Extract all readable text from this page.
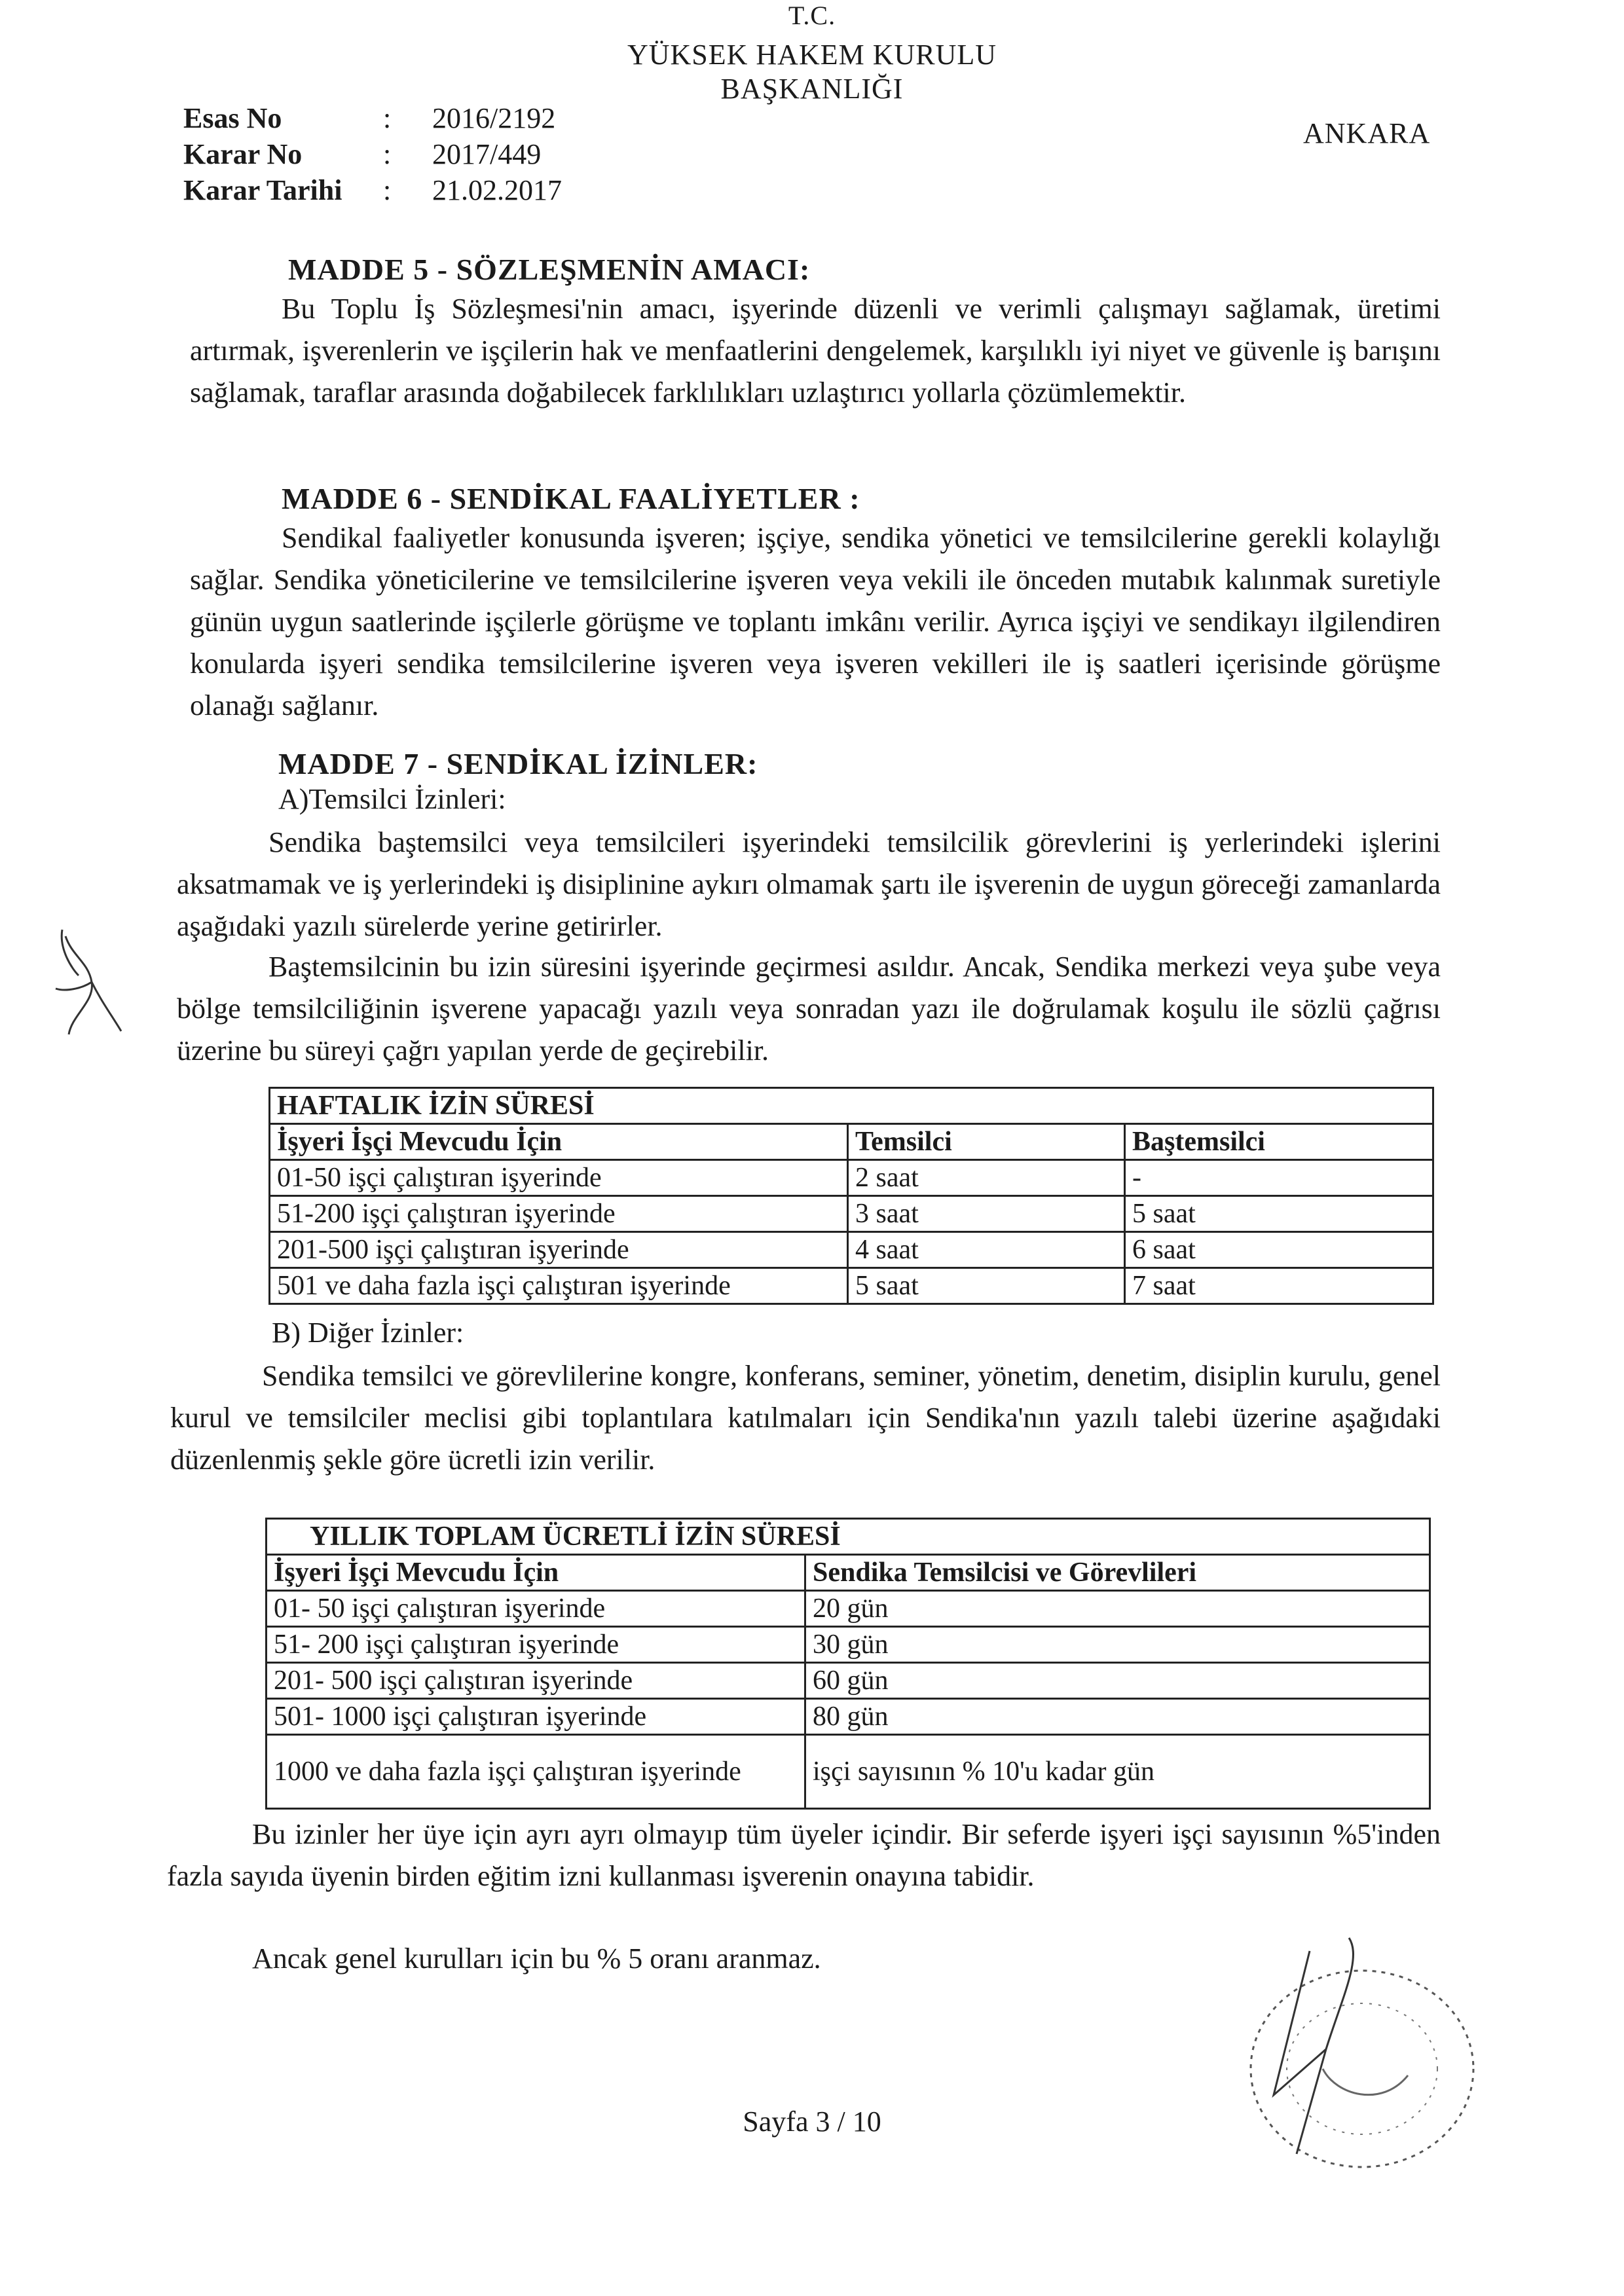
T.C.
YÜKSEK HAKEM KURULU
BAŞKANLIĞI
ANKARA
Esas No	: 2016/2192
Karar No	: 2017/449
Karar Tarihi : 21.02.2017
MADDE 5 - SÖZLEŞMENİN AMACI:
Bu Toplu İş Sözleşmesi'nin amacı, işyerinde düzenli ve verimli çalışmayı sağlamak, üretimi artırmak, işverenlerin ve işçilerin hak ve menfaatlerini dengelemek, karşılıklı iyi niyet ve güvenle iş barışını sağlamak, taraflar arasında doğabilecek farklılıkları uzlaştırıcı yollarla çözümlemektir.
MADDE 6 - SENDİKAL FAALİYETLER :
Sendikal faaliyetler konusunda işveren; işçiye, sendika yönetici ve temsilcilerine gerekli kolaylığı sağlar. Sendika yöneticilerine ve temsilcilerine işveren veya vekili ile önceden mutabık kalınmak suretiyle günün uygun saatlerinde işçilerle görüşme ve toplantı imkânı verilir. Ayrıca işçiyi ve sendikayı ilgilendiren konularda işyeri sendika temsilcilerine işveren veya işveren vekilleri ile iş saatleri içerisinde görüşme olanağı sağlanır.
MADDE 7 - SENDİKAL İZİNLER:
A)Temsilci İzinleri:
Sendika baştemsilci veya temsilcileri işyerindeki temsilcilik görevlerini iş yerlerindeki işlerini aksatmamak ve iş yerlerindeki iş disiplinine aykırı olmamak şartı ile işverenin de uygun göreceği zamanlarda aşağıdaki yazılı sürelerde yerine getirirler.
Baştemsilcinin bu izin süresini işyerinde geçirmesi asıldır. Ancak, Sendika merkezi veya şube veya bölge temsilciliğinin işverene yapacağı yazılı veya sonradan yazı ile doğrulamak koşulu ile sözlü çağrısı üzerine bu süreyi çağrı yapılan yerde de geçirebilir.
HAFTALIK İZİN SÜRESİ		
İşyeri İşçi Mevcudu İçin	Temsilci	Baştemsilci
01-50 işçi çalıştıran işyerinde	2 saat	-
51-200 işçi çalıştıran işyerinde	3 saat	5 saat
201-500 işçi çalıştıran işyerinde	4 saat	6 saat
501 ve daha fazla işçi çalıştıran işyerinde	5 saat	7 saat
B) Diğer İzinler:
Sendika temsilci ve görevlilerine kongre, konferans, seminer, yönetim, denetim, disiplin kurulu, genel kurul ve temsilciler meclisi gibi toplantılara katılmaları için Sendika'nın yazılı talebi üzerine aşağıdaki düzenlenmiş şekle göre ücretli izin verilir.
YILLIK TOPLAM ÜCRETLİ İZİN SÜRESİ	
İşyeri İşçi Mevcudu İçin	Sendika Temsilcisi ve Görevlileri
01- 50 işçi çalıştıran işyerinde	20 gün
51- 200 işçi çalıştıran işyerinde	30 gün
201- 500 işçi çalıştıran işyerinde	60 gün
501- 1000 işçi çalıştıran işyerinde	80 gün
1000 ve daha fazla işçi çalıştıran işyerinde	işçi sayısının % 10'u kadar gün
Bu izinler her üye için ayrı ayrı olmayıp tüm üyeler içindir. Bir seferde işyeri işçi sayısının %5'inden fazla sayıda üyenin birden eğitim izni kullanması işverenin onayına tabidir.
Ancak genel kurulları için bu % 5 oranı aranmaz.
Sayfa 3 / 10
